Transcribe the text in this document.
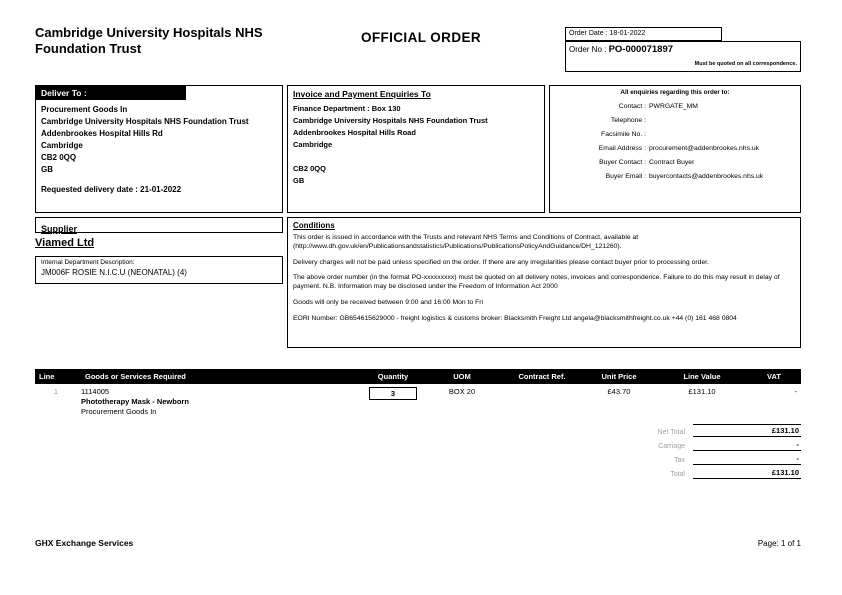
Cambridge University Hospitals NHS Foundation Trust
OFFICIAL ORDER	Order Date : 18-01-2022
Order No : PO-000071897
Must be quoted on all correspondence.
Deliver To :
Procurement Goods In
Cambridge University Hospitals NHS Foundation Trust
Addenbrookes Hospital Hills Rd
Cambridge
CB2 0QQ
GB
Requested delivery date : 21-01-2022
Invoice and Payment Enquiries To
Finance Department : Box 130
Cambridge University Hospitals NHS Foundation Trust
Addenbrookes Hospital Hills Road
Cambridge
CB2 0QQ
GB
All enquiries regarding this order to:
Contact : PWRGATE_MM
Telephone :
Facsimile No. :
Email Address : procurement@addenbrookes.nhs.uk
Buyer Contact : Contract Buyer
Buyer Email : buyercontacts@addenbrookes.nhs.uk
Supplier
Viamed Ltd
Internal Department Description:
JM006F ROSIE N.I.C.U (NEONATAL) (4)
Conditions

This order is issued in accordance with the Trusts and relevant NHS Terms and Conditions of Contract, available at (http://www.dh.gov.uk/en/Publicationsandstatistics/Publications/PublicationsPolicyAndGuidance/DH_121260).

Delivery charges will not be paid unless specified on the order. If there are any irregularities please contact buyer prior to processing order.

The above order number (in the format PO-xxxxxxxxx) must be quoted on all delivery notes, invoices and correspondence. Failure to do this may result in delay of payment. N.B. Information may be disclosed under the Freedom of Information Act 2000

Goods will only be received between 9:00 and 16:00 Mon to Fri

EORI Number: GB654615629000 - freight logistics & customs broker: Blacksmith Freight Ltd angela@blacksmithfreight.co.uk +44 (0) 161 468 0804

Line	Goods or Services Required	Quantity	UOM	Contract Ref.	Unit Price	Line Value	VAT
1	1114005
Phototherapy Mask - Newborn
Procurement Goods In	3	BOX 20		£43.70	£131.10	-
Net Total	£131.10
Carriage	-
Tax	-
Total	£131.10
GHX Exchange Services	Page: 1 of 1
